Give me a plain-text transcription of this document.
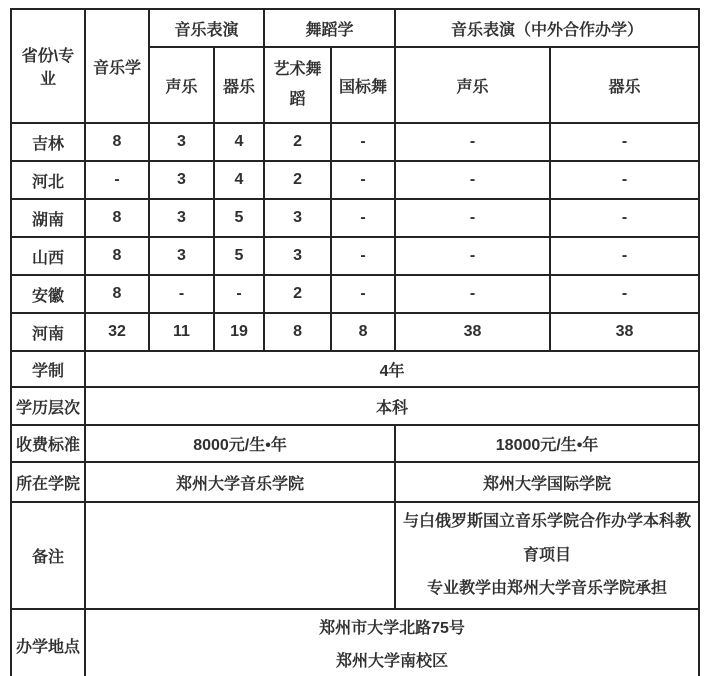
省份\专业	音乐学	音乐表演		舞蹈学		音乐表演（中外合作办学）	
		声乐	器乐	艺术舞蹈	国标舞	声乐	器乐
吉林	8	3	4	2	-	-	-
河北	-	3	4	2	-	-	-
湖南	8	3	5	3	-	-	-
山西	8	3	5	3	-	-	-
安徽	8	-	-	2	-	-	-
河南	32	11	19	8	8	38	38
学制	4年						
学历层次	本科						
收费标准	8000元/生•年					18000元/生•年	
所在学院	郑州大学音乐学院					郑州大学国际学院	
备注						与白俄罗斯国立音乐学院合作办学本科教育项目
专业教学由郑州大学音乐学院承担	

办学地点	郑州市大学北路75号
郑州大学南校区						
